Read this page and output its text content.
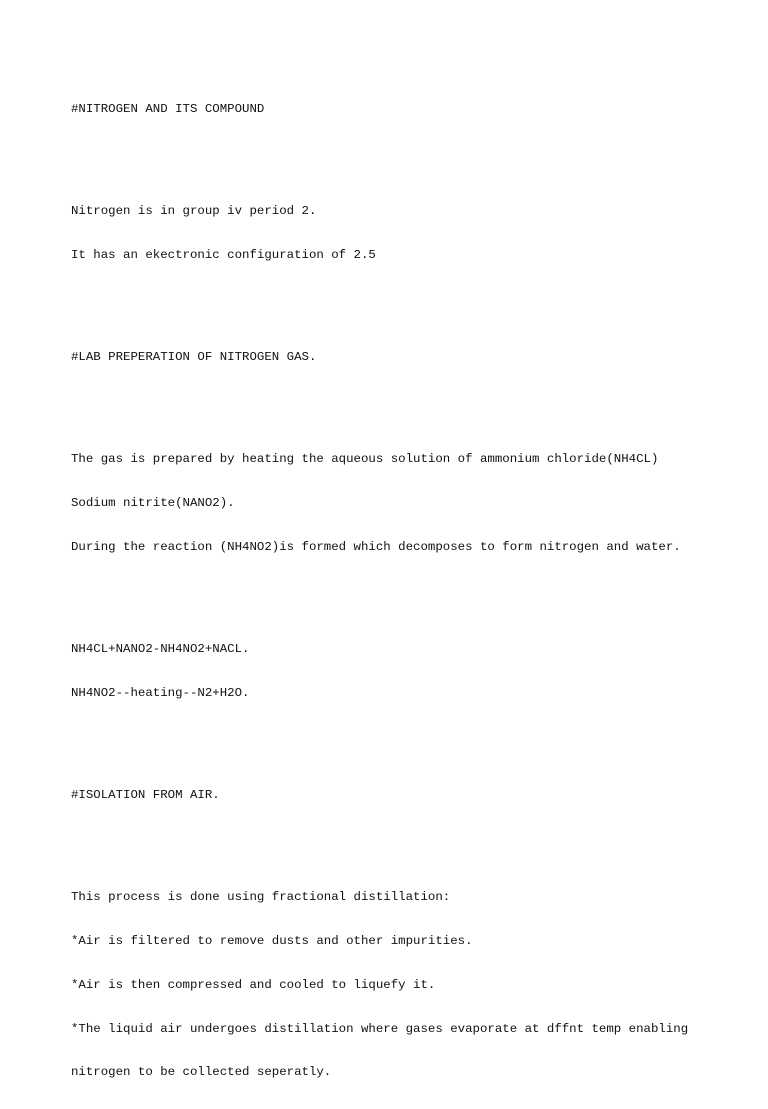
#NITROGEN AND ITS COMPOUND

Nitrogen is in group iv period 2.

It has an ekectronic configuration of 2.5

#LAB PREPERATION OF NITROGEN GAS.

The gas is prepared by heating the aqueous solution of ammonium chloride(NH4CL)

Sodium nitrite(NANO2).

During the reaction (NH4NO2)is formed which decomposes to form nitrogen and water.

NH4CL+NANO2-NH4NO2+NACL.

NH4NO2--heating--N2+H2O.

#ISOLATION FROM AIR.

This process is done using fractional distillation:

*Air is filtered to remove dusts and other impurities.

*Air is then compressed and cooled to liquefy it.

*The liquid air undergoes distillation where gases evaporate at dffnt temp enabling

nitrogen to be collected seperatly.
